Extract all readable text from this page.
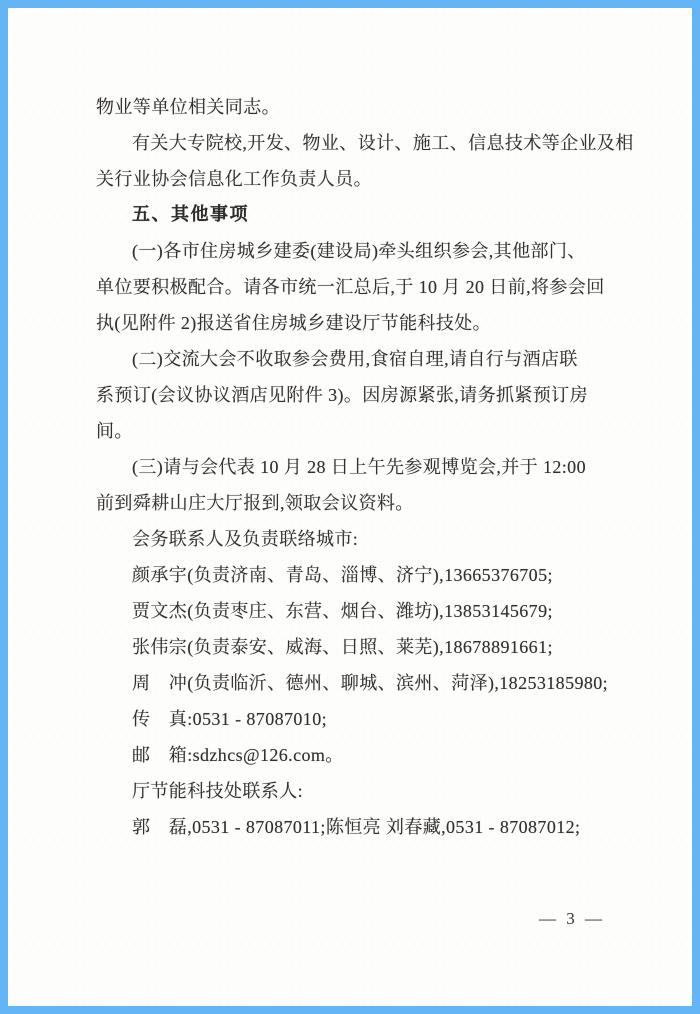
物业等单位相关同志。
有关大专院校,开发、物业、设计、施工、信息技术等企业及相
关行业协会信息化工作负责人员。
五、其他事项
(一)各市住房城乡建委(建设局)牵头组织参会,其他部门、
单位要积极配合。请各市统一汇总后,于 10 月 20 日前,将参会回
执(见附件 2)报送省住房城乡建设厅节能科技处。
(二)交流大会不收取参会费用,食宿自理,请自行与酒店联
系预订(会议协议酒店见附件 3)。因房源紧张,请务抓紧预订房
间。
(三)请与会代表 10 月 28 日上午先参观博览会,并于 12:00
前到舜耕山庄大厅报到,领取会议资料。
会务联系人及负责联络城市:
颜承宇(负责济南、青岛、淄博、济宁),13665376705;
贾文杰(负责枣庄、东营、烟台、潍坊),13853145679;
张伟宗(负责泰安、威海、日照、莱芜),18678891661;
周　冲(负责临沂、德州、聊城、滨州、菏泽),18253185980;
传　真:0531 - 87087010;
邮　箱:sdzhcs@126.com。
厅节能科技处联系人:
郭　磊,0531 - 87087011;陈恒亮 刘春藏,0531 - 87087012;
— 3 —
